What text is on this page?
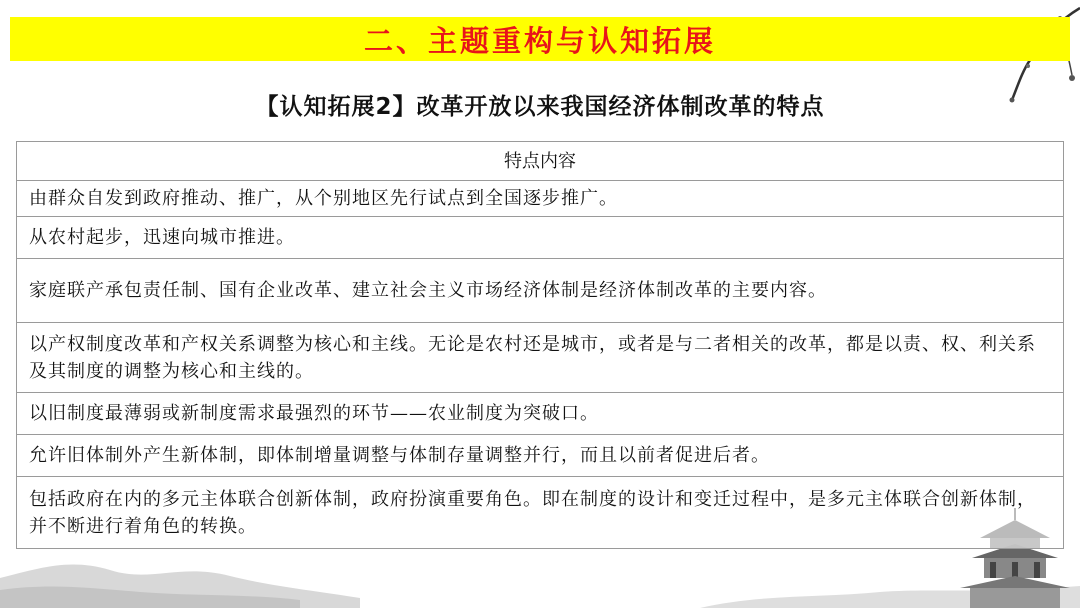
二、主题重构与认知拓展
【认知拓展2】改革开放以来我国经济体制改革的特点
特点内容
由群众自发到政府推动、推广，从个别地区先行试点到全国逐步推广。
从农村起步，迅速向城市推进。
家庭联产承包责任制、国有企业改革、建立社会主义市场经济体制是经济体制改革的主要内容。
以产权制度改革和产权关系调整为核心和主线。无论是农村还是城市，或者是与二者相关的改革，都是以责、权、利关系及其制度的调整为核心和主线的。
以旧制度最薄弱或新制度需求最强烈的环节——农业制度为突破口。
允许旧体制外产生新体制，即体制增量调整与体制存量调整并行，而且以前者促进后者。
包括政府在内的多元主体联合创新体制，政府扮演重要角色。即在制度的设计和变迁过程中，是多元主体联合创新体制，并不断进行着角色的转换。
